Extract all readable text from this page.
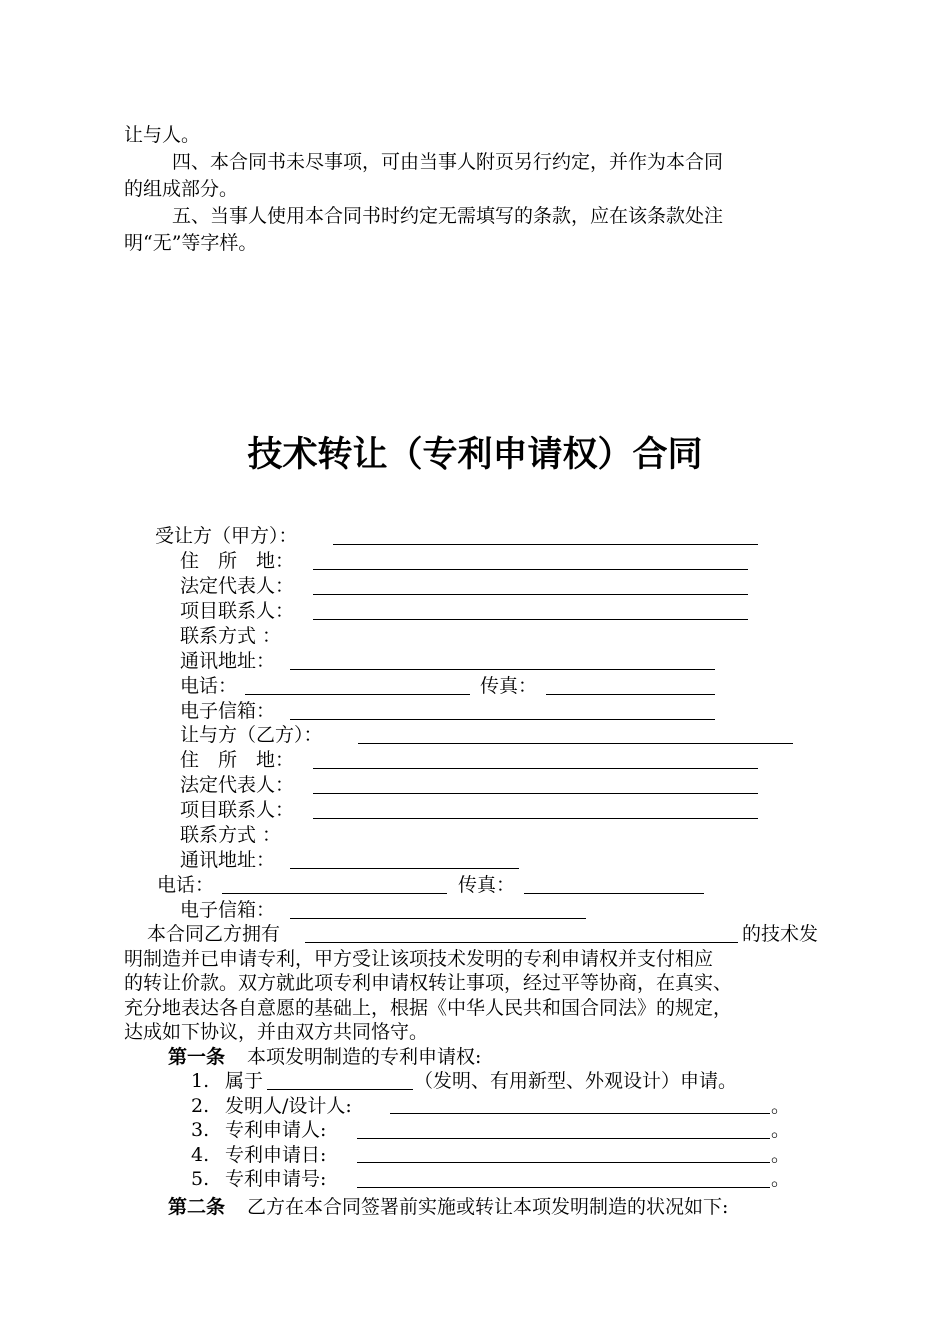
让与人。
四、本合同书未尽事项，可由当事人附页另行约定，并作为本合同
的组成部分。
五、当事人使用本合同书时约定无需填写的条款，应在该条款处注
明“无”等字样。
技术转让（专利申请权）合同
受让方（甲方）：
住　所　地：
法定代表人：
项目联系人：
联系方式 ：
通讯地址：
电话：	传真：
电子信箱：
让与方（乙方）：
住　所　地：
法定代表人：
项目联系人：
联系方式 ：
通讯地址：
电话：	传真：
电子信箱：
本合同乙方拥有	的技术发
明制造并已申请专利，甲方受让该项技术发明的专利申请权并支付相应
的转让价款。双方就此项专利申请权转让事项，经过平等协商，在真实、
充分地表达各自意愿的基础上，根据《中华人民共和国合同法》的规定，
达成如下协议，并由双方共同恪守。
第一条 本项发明制造的专利申请权:
1. 属于	（发明、有用新型、外观设计）申请。
2. 发明人/设计人:	。
3. 专利申请人:	。
4. 专利申请日:	。
5. 专利申请号:	。
第二条 乙方在本合同签署前实施或转让本项发明制造的状况如下:
